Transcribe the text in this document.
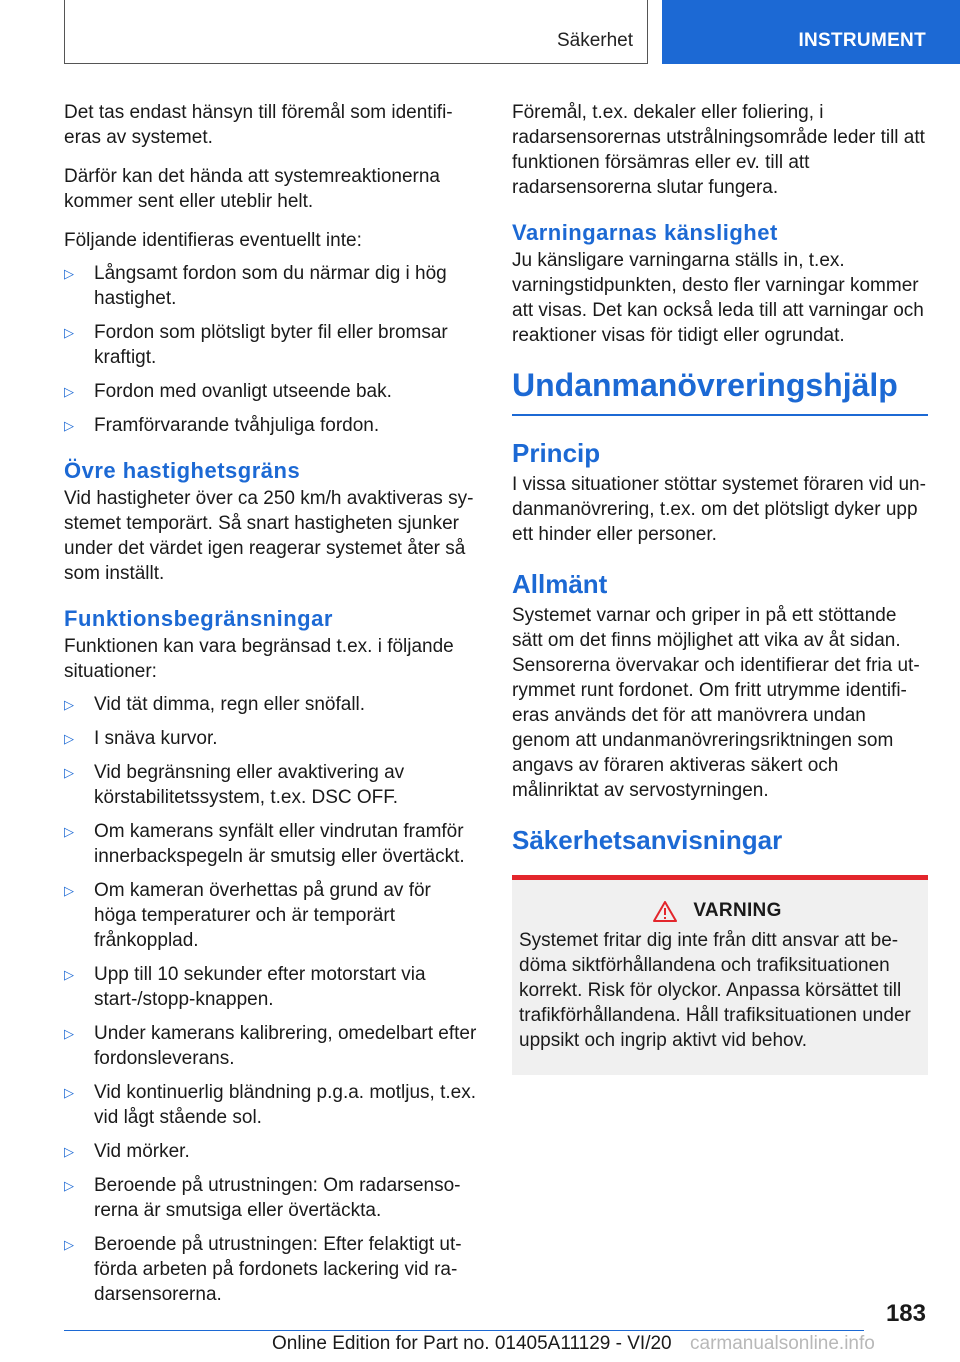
Säkerhet	INSTRUMENT

Det tas endast hänsyn till föremål som identifieras av systemet.

Därför kan det hända att systemreaktionerna kommer sent eller uteblir helt.

Följande identifieras eventuellt inte:

▷	Långsamt fordon som du närmar dig i hög hastighet.
▷	Fordon som plötsligt byter fil eller bromsar kraftigt.
▷	Fordon med ovanligt utseende bak.
▷	Framförvarande tvåhjuliga fordon.
Övre hastighetsgräns

Vid hastigheter över ca 250 km/h avaktiveras systemet temporärt. Så snart hastigheten sjunker under det värdet igen reagerar systemet åter så som inställt.

Funktionsbegränsningar

Funktionen kan vara begränsad t.ex. i följande situationer:

▷	Vid tät dimma, regn eller snöfall.
▷	I snäva kurvor.
▷	Vid begränsning eller avaktivering av körstabilitetssystem, t.ex. DSC OFF.
▷	Om kamerans synfält eller vindrutan framför innerbackspegeln är smutsig eller övertäckt.
▷	Om kameran överhettas på grund av för höga temperaturer och är temporärt frånkopplad.
▷	Upp till 10 sekunder efter motorstart via start-/stopp-knappen.
▷	Under kamerans kalibrering, omedelbart efter fordonsleverans.
▷	Vid kontinuerlig bländning p.g.a. motljus, t.ex. vid lågt stående sol.
▷	Vid mörker.
▷	Beroende på utrustningen: Om radarsensorerna är smutsiga eller övertäckta.
▷	Beroende på utrustningen: Efter felaktigt utförda arbeten på fordonets lackering vid radarsensorerna.

Föremål, t.ex. dekaler eller foliering, i radarsensorernas utstrålningsområde leder till att funktionen försämras eller ev. till att radarsensorerna slutar fungera.

Varningarnas känslighet

Ju känsligare varningarna ställs in, t.ex. varningstidpunkten, desto fler varningar kommer att visas. Det kan också leda till att varningar och reaktioner visas för tidigt eller ogrundat.

Undanmanövreringshjälp
Princip

I vissa situationer stöttar systemet föraren vid undanmanövrering, t.ex. om det plötsligt dyker upp ett hinder eller personer.

Allmänt

Systemet varnar och griper in på ett stöttande sätt om det finns möjlighet att vika av åt sidan. Sensorerna övervakar och identifierar det fria utrymmet runt fordonet. Om fritt utrymme identifieras används det för att manövrera undan genom att undanmanövreringsriktningen som angavs av föraren aktiveras säkert och målinriktat av servostyrningen.

Säkerhetsanvisningar
VARNING

Systemet fritar dig inte från ditt ansvar att bedöma siktförhållandena och trafiksituationen korrekt. Risk för olyckor. Anpassa körsättet till trafikförhållandena. Håll trafiksituationen under uppsikt och ingrip aktivt vid behov.

183
Online Edition for Part no. 01405A11129 - VI/20 carmanualsonline.info
